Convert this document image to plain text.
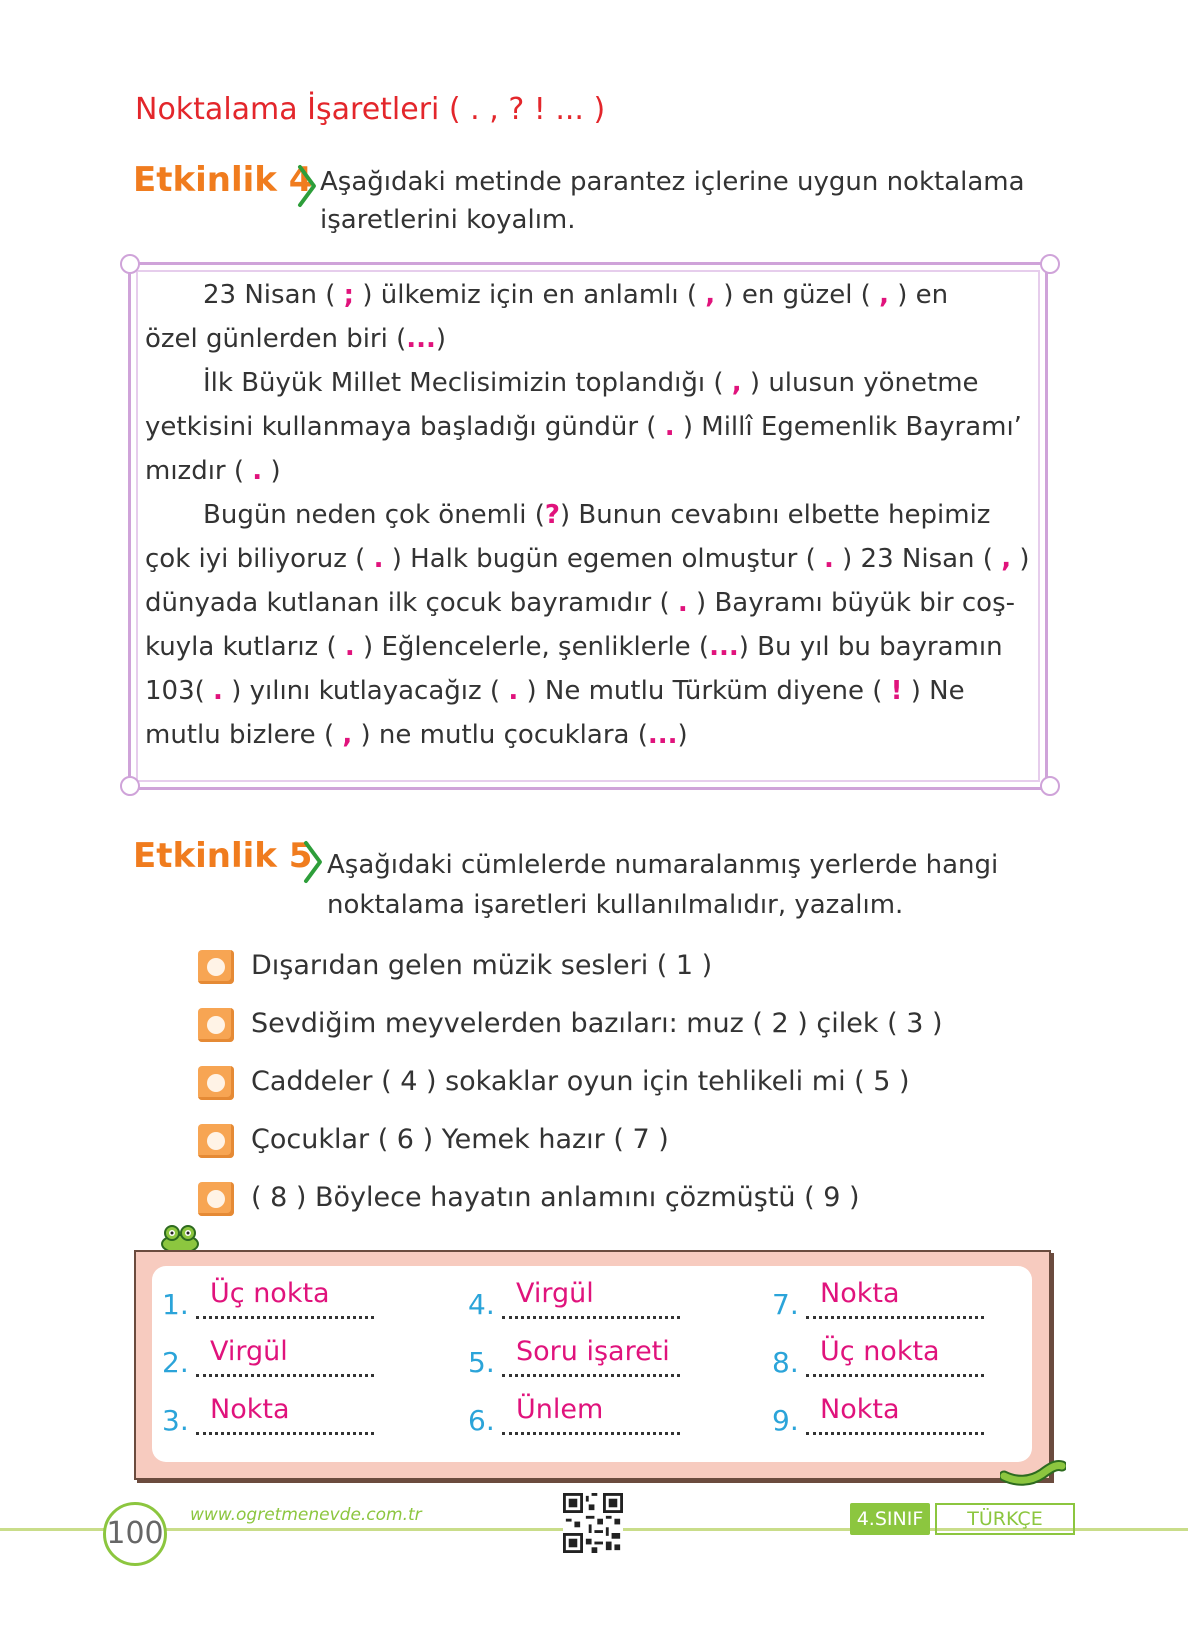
Noktalama İşaretleri ( . , ? ! ... )
Etkinlik 4 Aşağıdaki metinde parantez içlerine uygun noktalama
işaretlerini koyalım.
23 Nisan ( ; ) ülkemiz için en anlamlı ( , ) en güzel ( , ) en
özel günlerden biri (...)
İlk Büyük Millet Meclisimizin toplandığı ( , ) ulusun yönetme
yetkisini kullanmaya başladığı gündür ( . ) Millî Egemenlik Bayramı’
mızdır ( . )
Bugün neden çok önemli (?) Bunun cevabını elbette hepimiz
çok iyi biliyoruz ( . ) Halk bugün egemen olmuştur ( . ) 23 Nisan ( , )
dünyada kutlanan ilk çocuk bayramıdır ( . ) Bayramı büyük bir coş-
kuyla kutlarız ( . ) Eğlencelerle, şenliklerle (...) Bu yıl bu bayramın
103( . ) yılını kutlayacağız ( . ) Ne mutlu Türküm diyene ( ! ) Ne
mutlu bizlere ( , ) ne mutlu çocuklara (...)
Etkinlik 5 Aşağıdaki cümlelerde numaralanmış yerlerde hangi
noktalama işaretleri kullanılmalıdır, yazalım.
Dışarıdan gelen müzik sesleri ( 1 )
Sevdiğim meyvelerden bazıları: muz ( 2 ) çilek ( 3 )
Caddeler ( 4 ) sokaklar oyun için tehlikeli mi ( 5 )
Çocuklar ( 6 ) Yemek hazır ( 7 )
( 8 ) Böylece hayatın anlamını çözmüştü ( 9 )
1. Üç nokta
2. Virgül
3. Nokta
4. Virgül
5. Soru işareti
6. Ünlem
7. Nokta
8. Üç nokta
9. Nokta
100
www.ogretmenevde.com.tr	4.SINIF	TÜRKÇE
